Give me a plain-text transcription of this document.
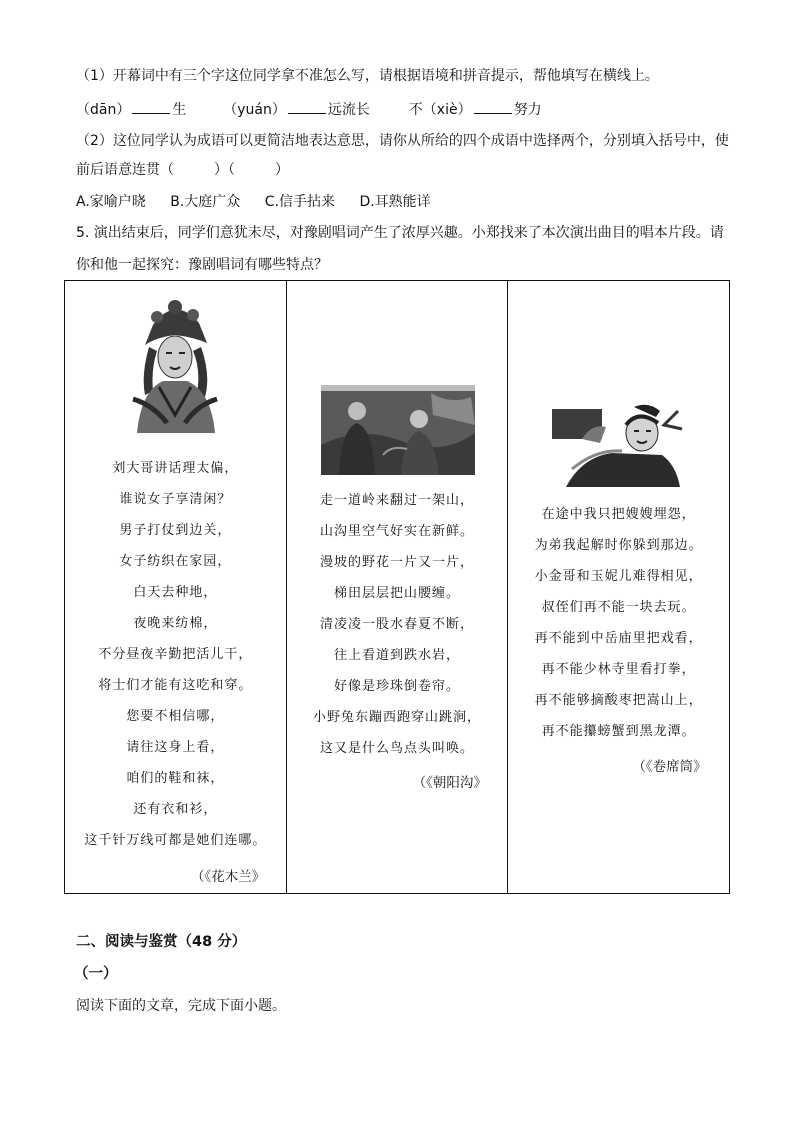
（1）开幕词中有三个字这位同学拿不准怎么写，请根据语境和拼音提示，帮他填写在横线上。
（dān）	生	（yuán）	远流长	不（xiè）	努力
（2）这位同学认为成语可以更简洁地表达意思，请你从所给的四个成语中选择两个，分别填入括号中，使
前后语意连贯（	）（	）
A.家喻户晓 B.大庭广众 C.信手拈来 D.耳熟能详
5. 演出结束后，同学们意犹未尽，对豫剧唱词产生了浓厚兴趣。小郑找来了本次演出曲目的唱本片段。请
你和他一起探究：豫剧唱词有哪些特点？
刘大哥讲话理太偏，
谁说女子享清闲？
男子打仗到边关，
女子纺织在家园，
白天去种地，
夜晚来纺棉，
不分昼夜辛勤把活儿干，
将士们才能有这吃和穿。
您要不相信哪，
请往这身上看，
咱们的鞋和袜，
还有衣和衫，
这千针万线可都是她们连哪。
（《花木兰》
走一道岭来翻过一架山，
山沟里空气好实在新鲜。
漫坡的野花一片又一片，
梯田层层把山腰缠。
清凌凌一股水春夏不断，
往上看道到跌水岩，
好像是珍珠倒卷帘。
小野兔东蹦西跑穿山跳涧，
这又是什么鸟点头叫唤。
（《朝阳沟》
在途中我只把嫂嫂埋怨，
为弟我起解时你躲到那边。
小金哥和玉妮儿难得相见，
叔侄们再不能一块去玩。
再不能到中岳庙里把戏看，
再不能少林寺里看打拳，
再不能够摘酸枣把嵩山上，
再不能攥螃蟹到黑龙潭。
（《卷席筒》
二、阅读与鉴赏（48 分）
（一）
阅读下面的文章，完成下面小题。
